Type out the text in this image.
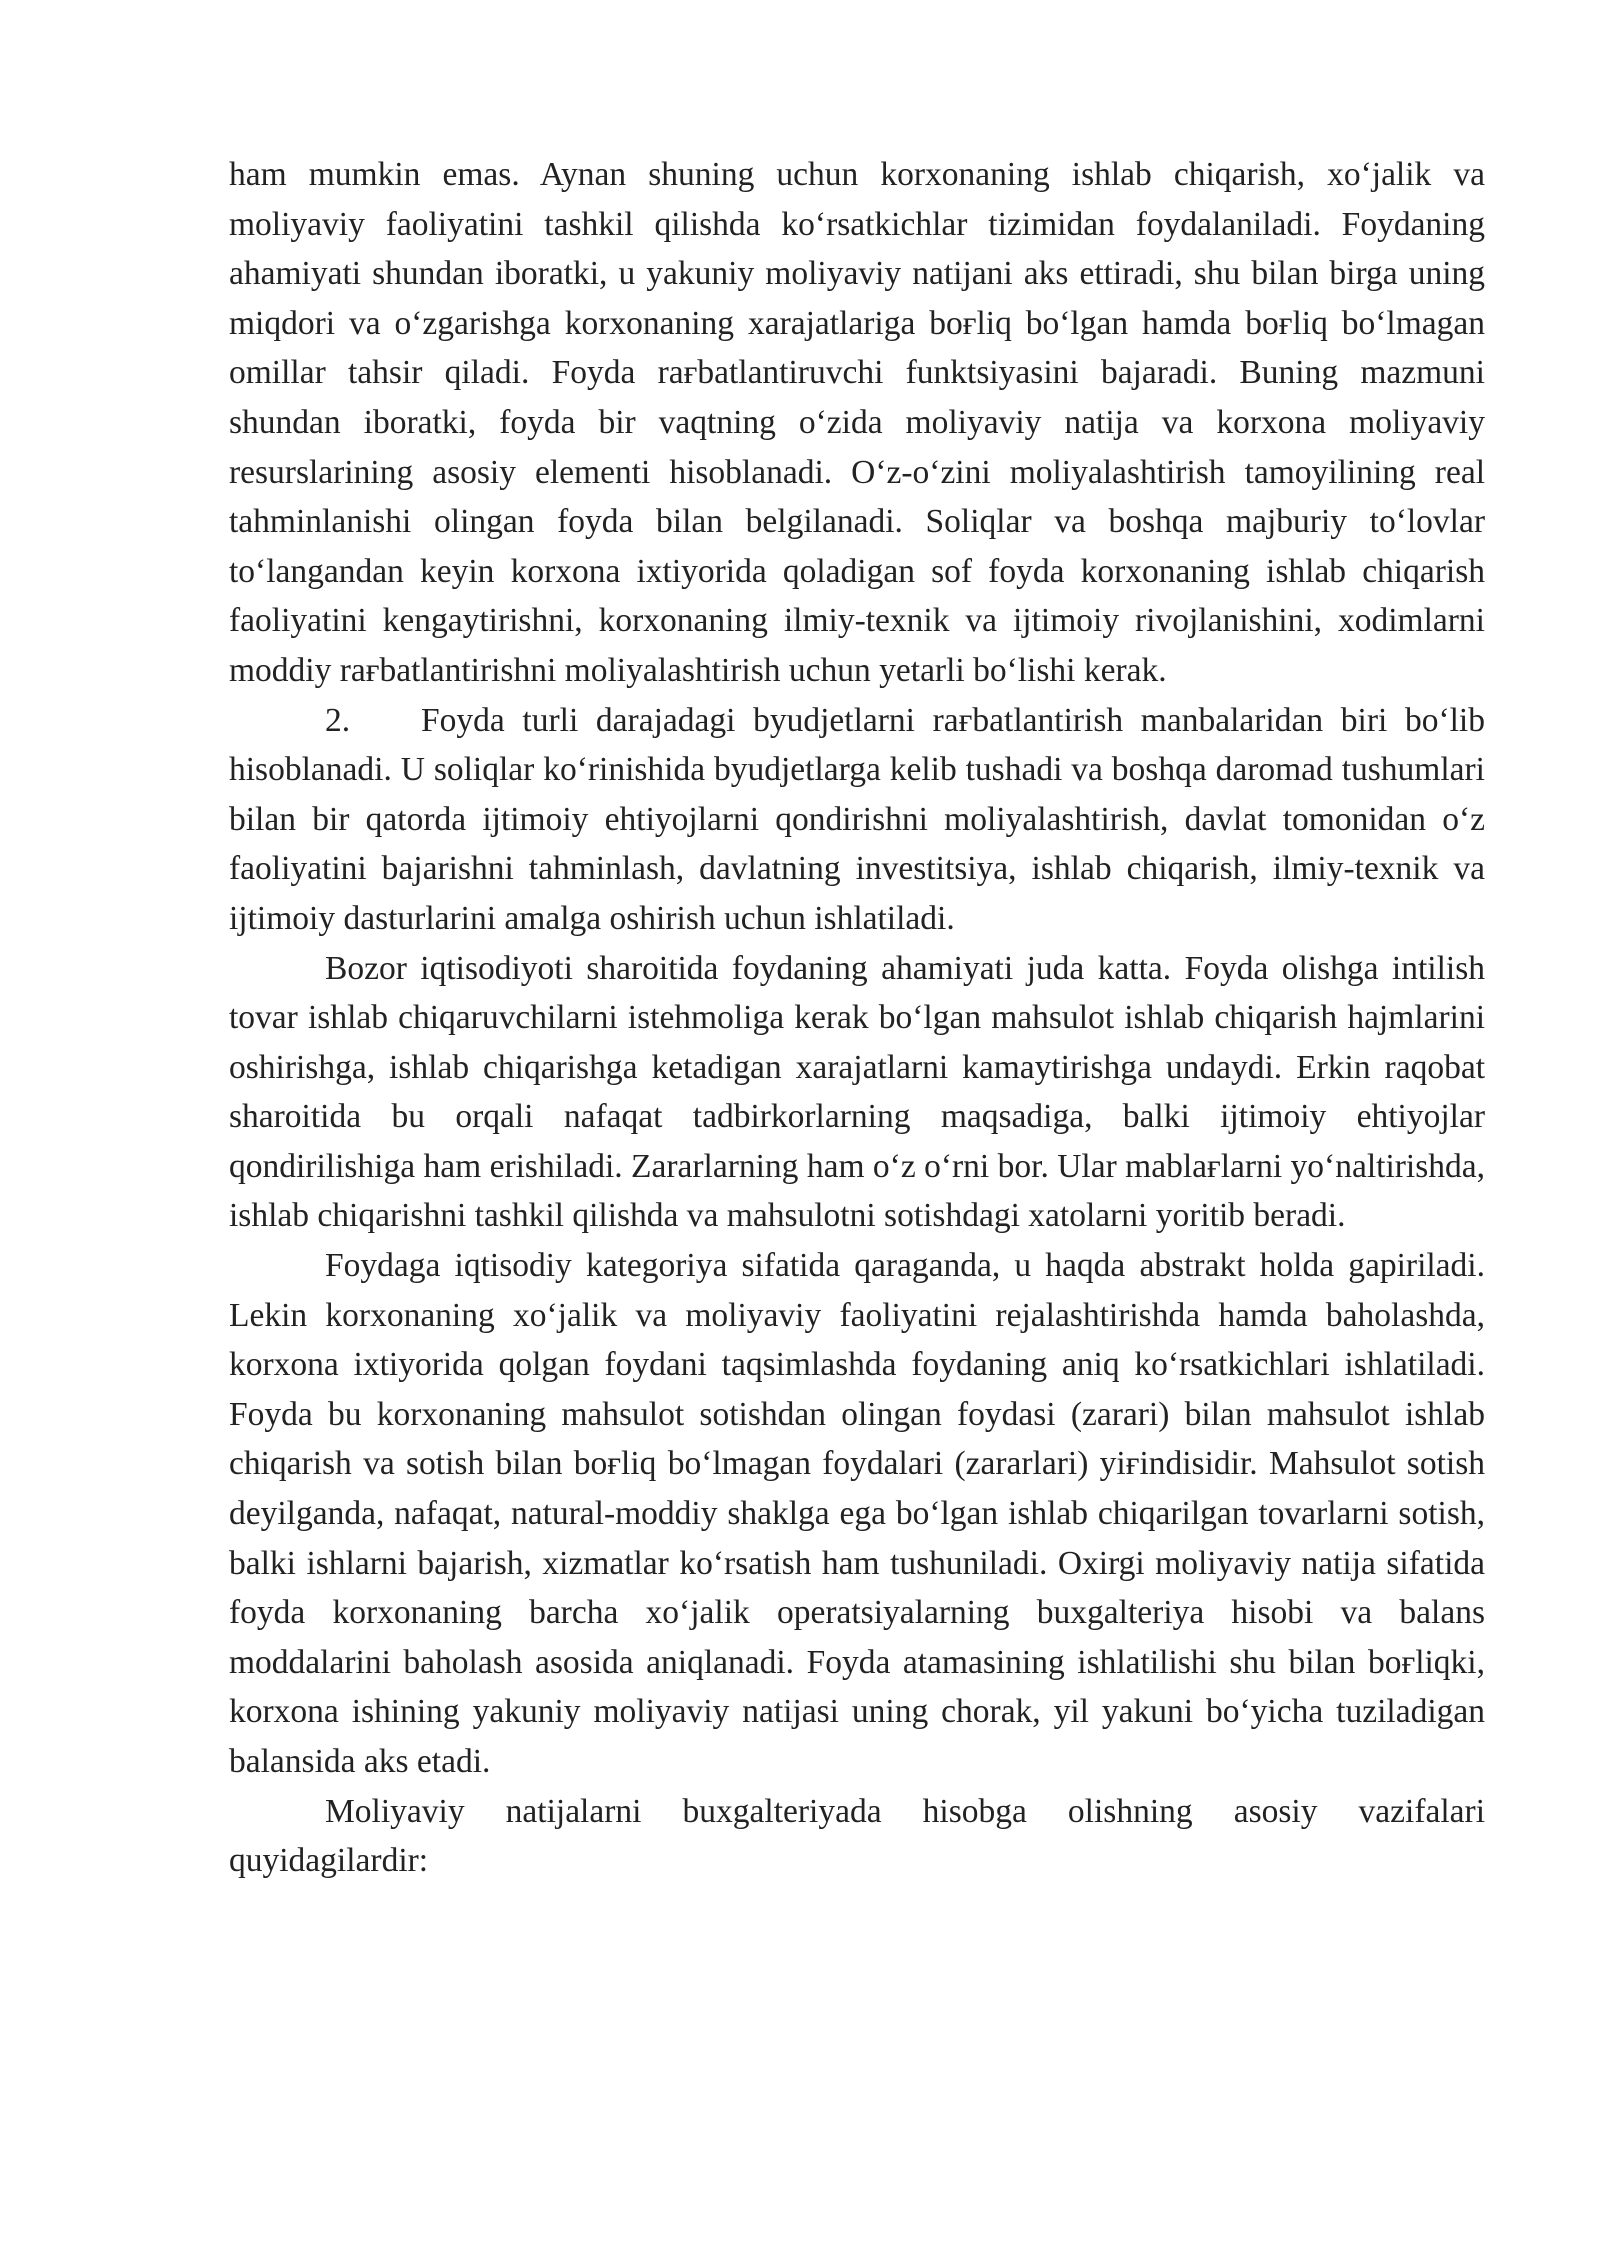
ham mumkin emas. Aynan shuning uchun korxonaning ishlab chiqarish, xo‘jalik va moliyaviy faoliyatini tashkil qilishda ko‘rsatkichlar tizimidan foydalaniladi. Foydaning ahamiyati shundan iboratki, u yakuniy moliyaviy natijani aks ettiradi, shu bilan birga uning miqdori va o‘zgarishga korxonaning xarajatlariga boғliq bo‘lgan hamda boғliq bo‘lmagan omillar tahsir qiladi. Foyda raғbatlantiruvchi funktsiyasini bajaradi. Buning mazmuni shundan iboratki, foyda bir vaqtning o‘zida moliyaviy natija va korxona moliyaviy resurslarining asosiy elementi hisoblanadi. O‘z-o‘zini moliyalashtirish tamoyilining real tahminlanishi olingan foyda bilan belgilanadi. Soliqlar va boshqa majburiy to‘lovlar to‘langandan keyin korxona ixtiyorida qoladigan sof foyda korxonaning ishlab chiqarish faoliyatini kengaytirishni, korxonaning ilmiy-texnik va ijtimoiy rivojlanishini, xodimlarni moddiy raғbatlantirishni moliyalashtirish uchun yetarli bo‘lishi kerak.

2. Foyda turli darajadagi byudjetlarni raғbatlantirish manbalaridan biri bo‘lib hisoblanadi. U soliqlar ko‘rinishida byudjetlarga kelib tushadi va boshqa daromad tushumlari bilan bir qatorda ijtimoiy ehtiyojlarni qondirishni moliyalashtirish, davlat tomonidan o‘z faoliyatini bajarishni tahminlash, davlatning investitsiya, ishlab chiqarish, ilmiy-texnik va ijtimoiy dasturlarini amalga oshirish uchun ishlatiladi.

Bozor iqtisodiyoti sharoitida foydaning ahamiyati juda katta. Foyda olishga intilish tovar ishlab chiqaruvchilarni istehmoliga kerak bo‘lgan mahsulot ishlab chiqarish hajmlarini oshirishga, ishlab chiqarishga ketadigan xarajatlarni kamaytirishga undaydi. Erkin raqobat sharoitida bu orqali nafaqat tadbirkorlarning maqsadiga, balki ijtimoiy ehtiyojlar qondirilishiga ham erishiladi. Zararlarning ham o‘z o‘rni bor. Ular mablaғlarni yo‘naltirishda, ishlab chiqarishni tashkil qilishda va mahsulotni sotishdagi xatolarni yoritib beradi.

Foydaga iqtisodiy kategoriya sifatida qaraganda, u haqda abstrakt holda gapiriladi. Lekin korxonaning xo‘jalik va moliyaviy faoliyatini rejalashtirishda hamda baholashda, korxona ixtiyorida qolgan foydani taqsimlashda foydaning aniq ko‘rsatkichlari ishlatiladi. Foyda bu korxonaning mahsulot sotishdan olingan foydasi (zarari) bilan mahsulot ishlab chiqarish va sotish bilan boғliq bo‘lmagan foydalari (zararlari) yiғindisidir. Mahsulot sotish deyilganda, nafaqat, natural-moddiy shaklga ega bo‘lgan ishlab chiqarilgan tovarlarni sotish, balki ishlarni bajarish, xizmatlar ko‘rsatish ham tushuniladi. Oxirgi moliyaviy natija sifatida foyda korxonaning barcha xo‘jalik operatsiyalarning buxgalteriya hisobi va balans moddalarini baholash asosida aniqlanadi. Foyda atamasining ishlatilishi shu bilan boғliqki, korxona ishining yakuniy moliyaviy natijasi uning chorak, yil yakuni bo‘yicha tuziladigan balansida aks etadi.

Moliyaviy natijalarni buxgalteriyada hisobga olishning asosiy vazifalari quyidagilardir:
